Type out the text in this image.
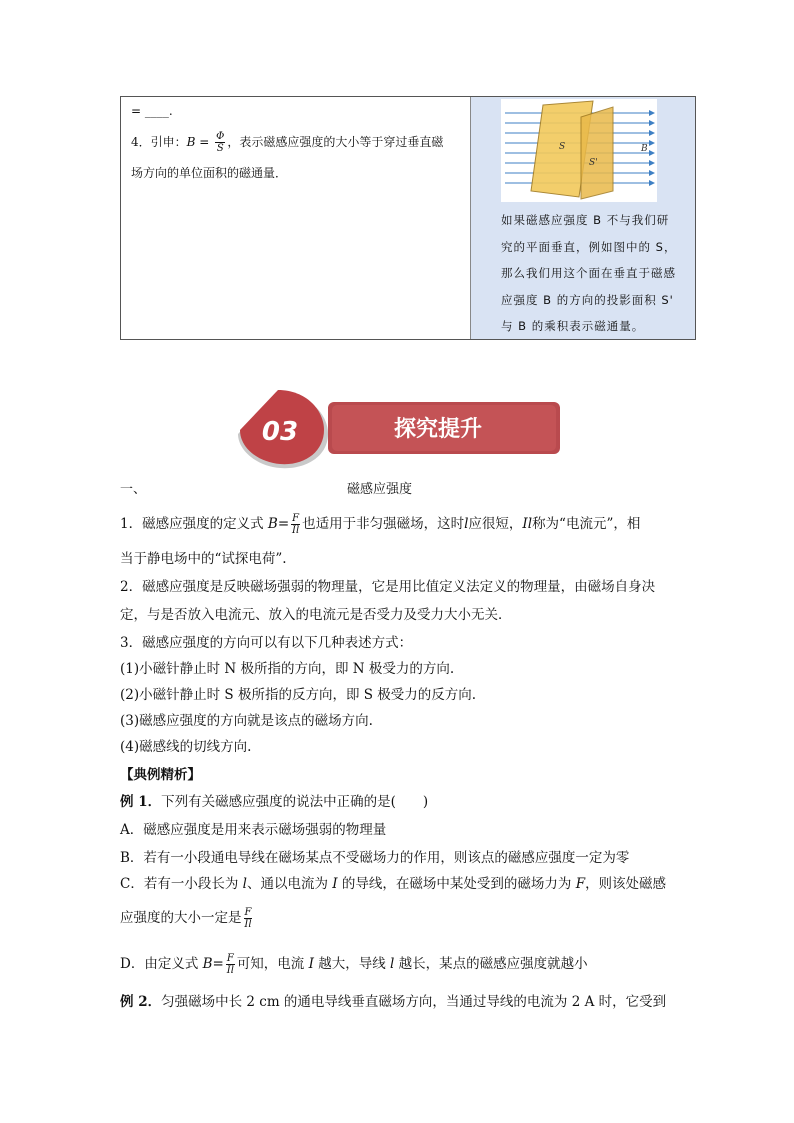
= ____.
4．引申：$B = \frac{\Phi}{S}$ ，表示磁感应强度的大小等于穿过垂直磁
场方向的单位面积的磁通量．
S
S'
B
如果磁感应强度 B 不与我们研
究的平面垂直，例如图中的 S，
那么我们用这个面在垂直于磁感
应强度 B 的方向的投影面积 S'
与 B 的乘积表示磁通量。
03	探究提升
一、	磁感应强度
1．磁感应强度的定义式 $B= \frac{F}{Il}$ 也适用于非匀强磁场，这时l应很短，Il称为“电流元”，相
当于静电场中的“试探电荷”.
2．磁感应强度是反映磁场强弱的物理量，它是用比值定义法定义的物理量，由磁场自身决
定，与是否放入电流元、放入的电流元是否受力及受力大小无关．
3．磁感应强度的方向可以有以下几种表述方式：
(1)小磁针静止时 N 极所指的方向，即 N 极受力的方向.
(2)小磁针静止时 S 极所指的反方向，即 S 极受力的反方向.
(3)磁感应强度的方向就是该点的磁场方向.
(4)磁感线的切线方向.
【典例精析】
例 1．下列有关磁感应强度的说法中正确的是(　　)
A．磁感应强度是用来表示磁场强弱的物理量
B．若有一小段通电导线在磁场某点不受磁场力的作用，则该点的磁感应强度一定为零
C．若有一小段长为 l、通以电流为 I 的导线，在磁场中某处受到的磁场力为 F，则该处磁感
应强度的大小一定是 $\frac{F}{Il}$
D．由定义式 $B= \frac{F}{Il}$ 可知，电流 I 越大，导线 l 越长，某点的磁感应强度就越小
例 2．匀强磁场中长 2 cm 的通电导线垂直磁场方向，当通过导线的电流为 2 A 时，它受到
